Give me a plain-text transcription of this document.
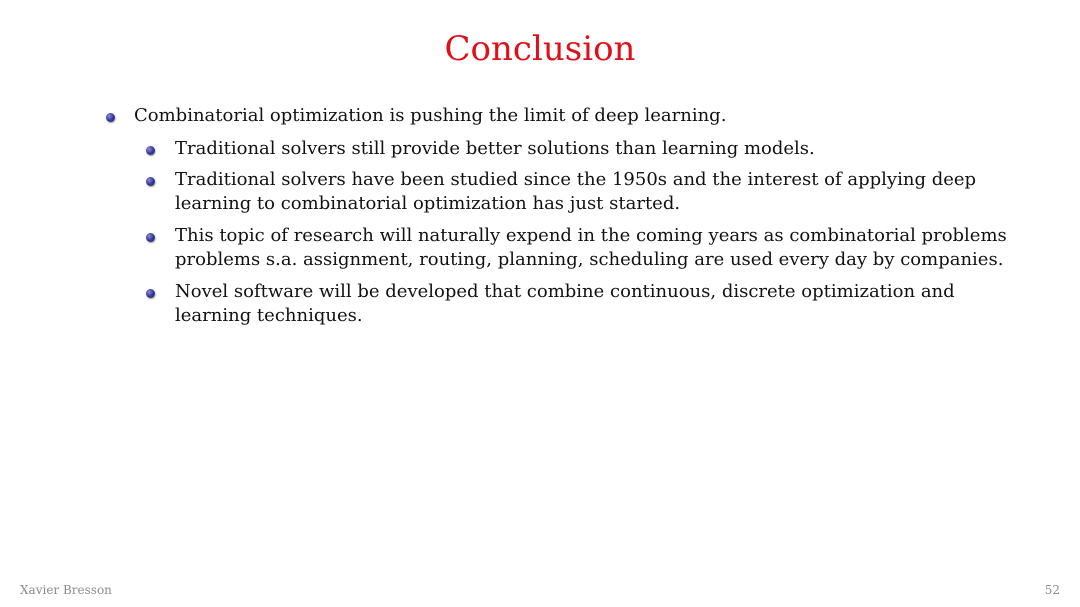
Conclusion
Combinatorial optimization is pushing the limit of deep learning.
Traditional solvers still provide better solutions than learning models.
Traditional solvers have been studied since the 1950s and the interest of applying deep
learning to combinatorial optimization has just started.
This topic of research will naturally expend in the coming years as combinatorial problems
problems s.a. assignment, routing, planning, scheduling are used every day by companies.
Novel software will be developed that combine continuous, discrete optimization and
learning techniques.
Xavier Bresson	52
